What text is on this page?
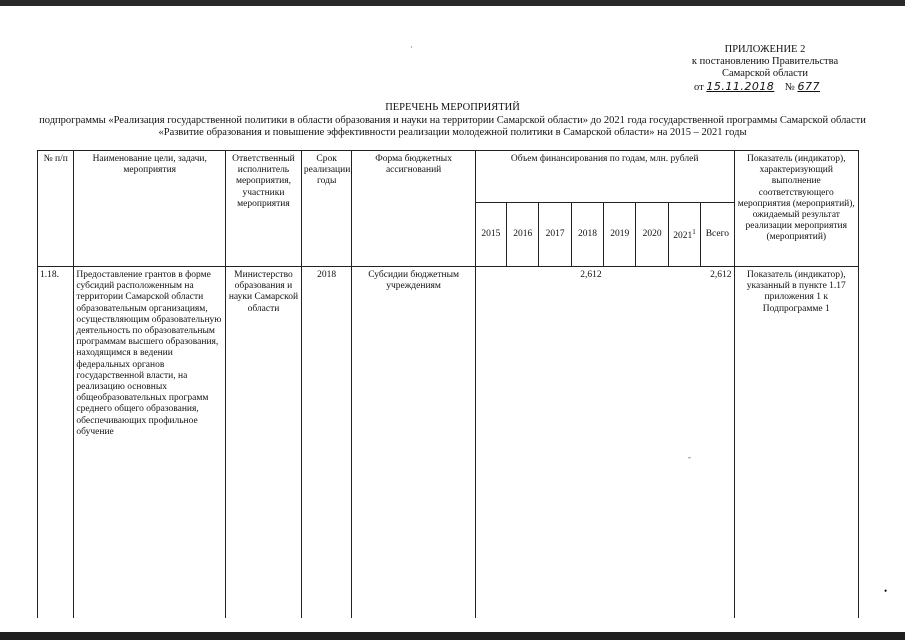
ПРИЛОЖЕНИЕ 2
к постановлению Правительства
Самарской области
от 15.11.2018 № 677
ПЕРЕЧЕНЬ МЕРОПРИЯТИЙ
подпрограммы «Реализация государственной политики в области образования и науки на территории Самарской области» до 2021 года государственной программы Самарской области «Развитие образования и повышение эффективности реализации молодежной политики в Самарской области» на 2015 – 2021 годы
№ п/п	Наименование цели, задачи, мероприятия	Ответственный исполнитель мероприятия, участники мероприятия	Срок реализации, годы	Форма бюджетных ассигнований	Объем финансирования по годам, млн. рублей								Показатель (индикатор), характеризующий выполнение соответствующего мероприятия (мероприятий), ожидаемый результат реализации мероприятия (мероприятий)
					2015	2016	2017	2018	2019	2020	2021$^1$	Всего	
1.18.	Предоставление грантов в форме субсидий расположенным на территории Самарской области образовательным организациям, осуществляющим образовательную деятельность по образовательным программам высшего образования, находящимся в ведении федеральных органов государственной власти, на реализацию основных общеобразовательных программ среднего общего образования, обеспечивающих профильное обучение	Министерство образования и науки Самарской области	2018	Субсидии бюджетным учреждениям				2,612				2,612	Показатель (индикатор), указанный в пункте 1.17 приложения 1 к Подпрограмме 1
·
-
•
